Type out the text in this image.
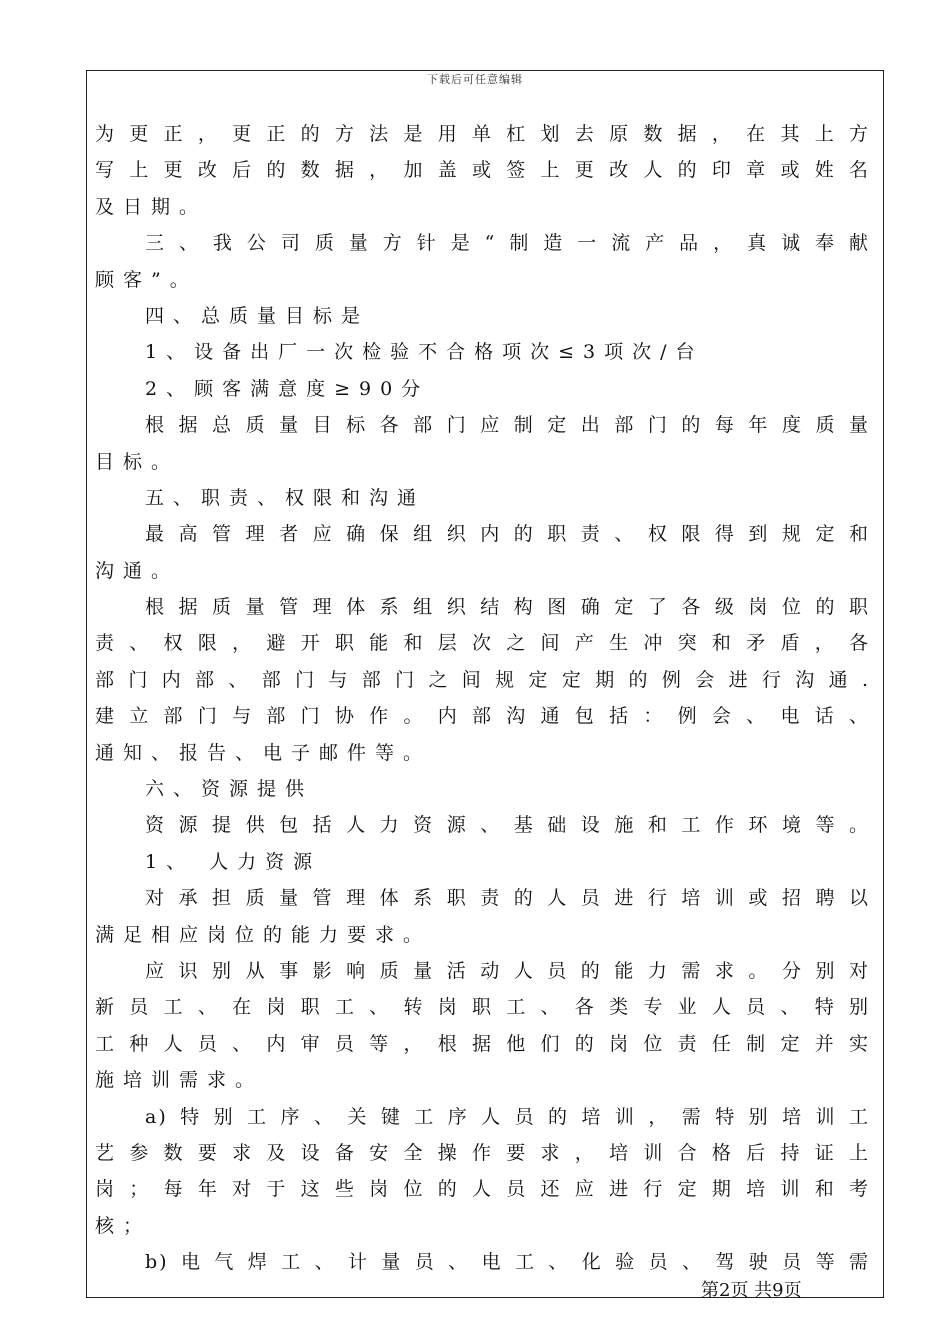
下载后可任意编辑
为更正，更正的方法是用单杠划去原数据，在其上方
写上更改后的数据，加盖或签上更改人的印章或姓名
及日期。
三、我公司质量方针是“制造一流产品，真诚奉献
顾客”。
四、总质量目标是
1、设备出厂一次检验不合格项次≤3项次/台
2、顾客满意度≥90分
根据总质量目标各部门应制定出部门的每年度质量
目标。
五、职责、权限和沟通
最高管理者应确保组织内的职责、权限得到规定和
沟通。
根据质量管理体系组织结构图确定了各级岗位的职
责、权限，避开职能和层次之间产生冲突和矛盾，各
部门内部、部门与部门之间规定定期的例会进行沟通.
建立部门与部门协作。内部沟通包括：例会、电话、
通知、报告、电子邮件等。
六、资源提供
资源提供包括人力资源、基础设施和工作环境等。
1、 人力资源
对承担质量管理体系职责的人员进行培训或招聘以
满足相应岗位的能力要求。
应识别从事影响质量活动人员的能力需求。分别对
新员工、在岗职工、转岗职工、各类专业人员、特别
工种人员、内审员等，根据他们的岗位责任制定并实
施培训需求。
a)特别工序、关键工序人员的培训，需特别培训工
艺参数要求及设备安全操作要求，培训合格后持证上
岗；每年对于这些岗位的人员还应进行定期培训和考
核；
b)电气焊工、计量员、电工、化验员、驾驶员等需
第2页 共9页
